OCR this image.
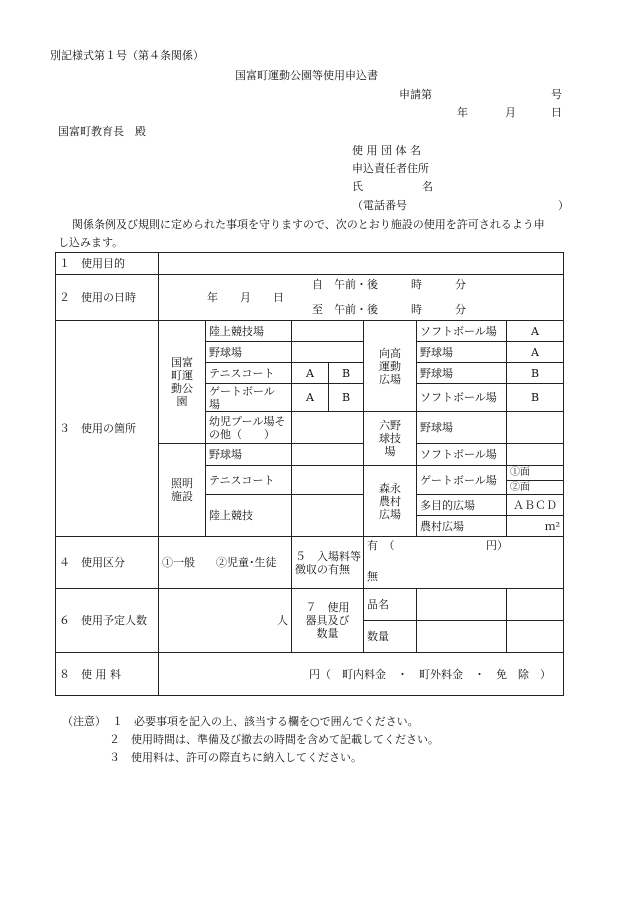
別記様式第１号（第４条関係）
国富町運動公園等使用申込書
申請第	号
年	月	日
国富町教育長　殿
使 用 団 体 名
申込責任者住所
氏	名
（電話番号	）
関係条例及び規則に定められた事項を守りますので、次のとおり施設の使用を許可されるよう申
し込みます。
１　使用目的							
２　使用の日時	年　　月　　日
自　午前・後　　　時　　　分
至　午前・後　　　時　　　分						

３　使用の箇所	国富町運動公園	陸上競技場			向高運動広場	ソフトボール場	A
		野球場				野球場	A
		テニスコート	A	B		野球場	B
		ゲートボール場	A	B		ソフトボール場	B
		幼児プール場その他（　　）			六野球技場	野球場	
	照明施設	野球場				ソフトボール場	
		テニスコート			森永農村広場	ゲートボール場	①面
							②面
		陸上競技				多目的広場	ＡＢＣＤ
						農村広場	ｍ²
４　使用区分	①一般 ②児童･生徒		５　入場料等徴収の有無		有　（ 円）
無		

６　使用予定人数	人		７　使用器具及び数量		品名		
					数量		
８　使 用 料	円（　町内料金　・　町外料金　・　免　除　）						
（注意） １　必要事項を記入の上、該当する欄を○で囲んでください。
２　使用時間は、準備及び撤去の時間を含めて記載してください。
３　使用料は、許可の際直ちに納入してください。
